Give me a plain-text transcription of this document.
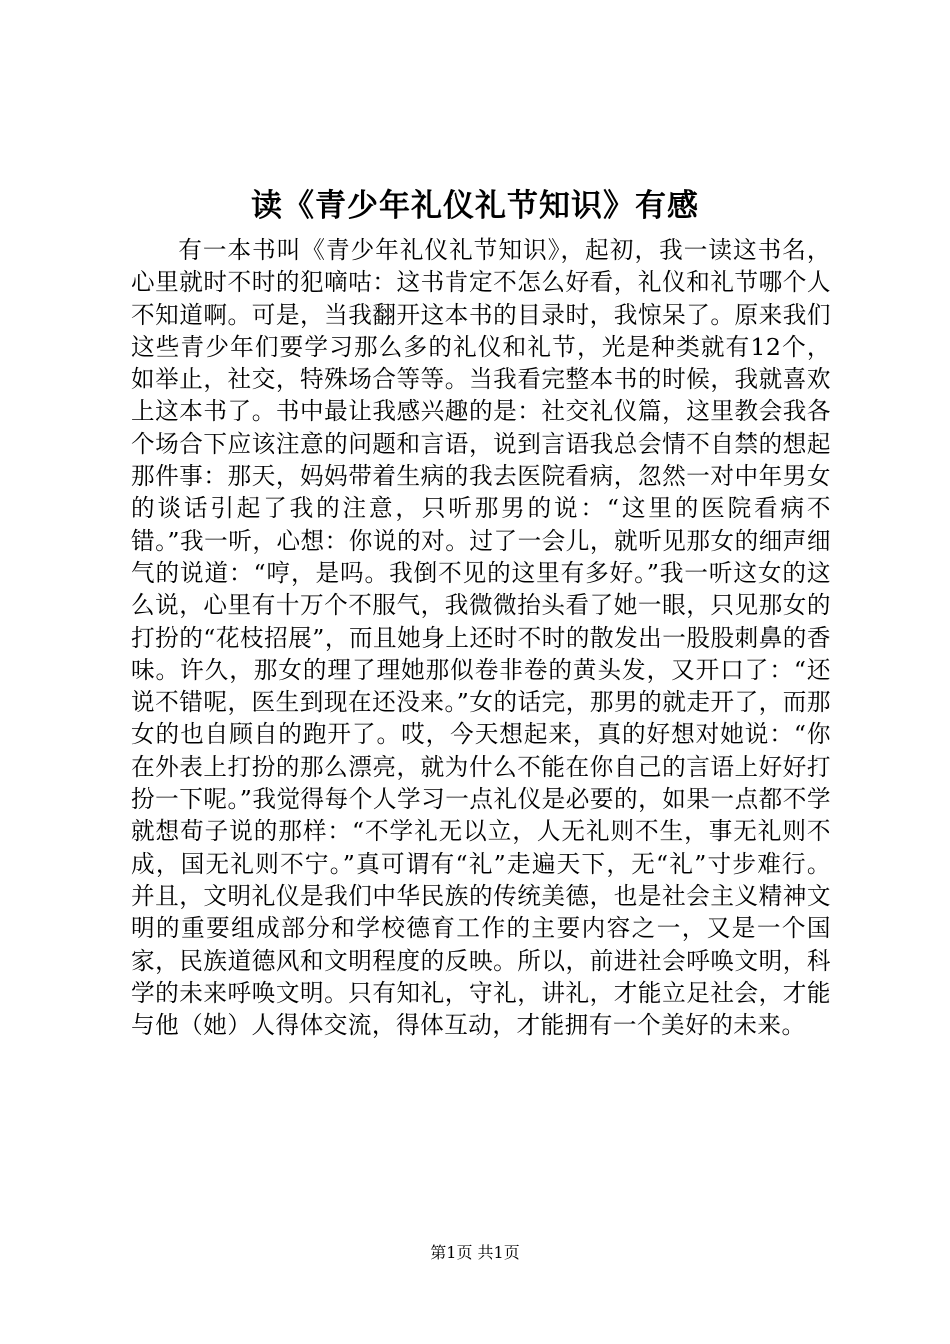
读《青少年礼仪礼节知识》有感

有一本书叫《青少年礼仪礼节知识》，起初，我一读这书名，心里就时不时的犯嘀咕：这书肯定不怎么好看，礼仪和礼节哪个人不知道啊。可是，当我翻开这本书的目录时，我惊呆了。原来我们这些青少年们要学习那么多的礼仪和礼节，光是种类就有12个，如举止，社交，特殊场合等等。当我看完整本书的时候，我就喜欢上这本书了。书中最让我感兴趣的是：社交礼仪篇，这里教会我各个场合下应该注意的问题和言语，说到言语我总会情不自禁的想起那件事：那天，妈妈带着生病的我去医院看病，忽然一对中年男女的谈话引起了我的注意，只听那男的说：“这里的医院看病不错。”我一听，心想：你说的对。过了一会儿，就听见那女的细声细气的说道：“哼，是吗。我倒不见的这里有多好。”我一听这女的这么说，心里有十万个不服气，我微微抬头看了她一眼，只见那女的打扮的“花枝招展”，而且她身上还时不时的散发出一股股刺鼻的香味。许久，那女的理了理她那似卷非卷的黄头发，又开口了：“还说不错呢，医生到现在还没来。”女的话完，那男的就走开了，而那女的也自顾自的跑开了。哎，今天想起来，真的好想对她说：“你在外表上打扮的那么漂亮，就为什么不能在你自己的言语上好好打扮一下呢。”我觉得每个人学习一点礼仪是必要的，如果一点都不学就想荀子说的那样：“不学礼无以立，人无礼则不生，事无礼则不成，国无礼则不宁。”真可谓有“礼”走遍天下，无“礼”寸步难行。并且，文明礼仪是我们中华民族的传统美德，也是社会主义精神文明的重要组成部分和学校德育工作的主要内容之一，又是一个国家，民族道德风和文明程度的反映。所以，前进社会呼唤文明，科学的未来呼唤文明。只有知礼，守礼，讲礼，才能立足社会，才能与他（她）人得体交流，得体互动，才能拥有一个美好的未来。

第1页 共1页
